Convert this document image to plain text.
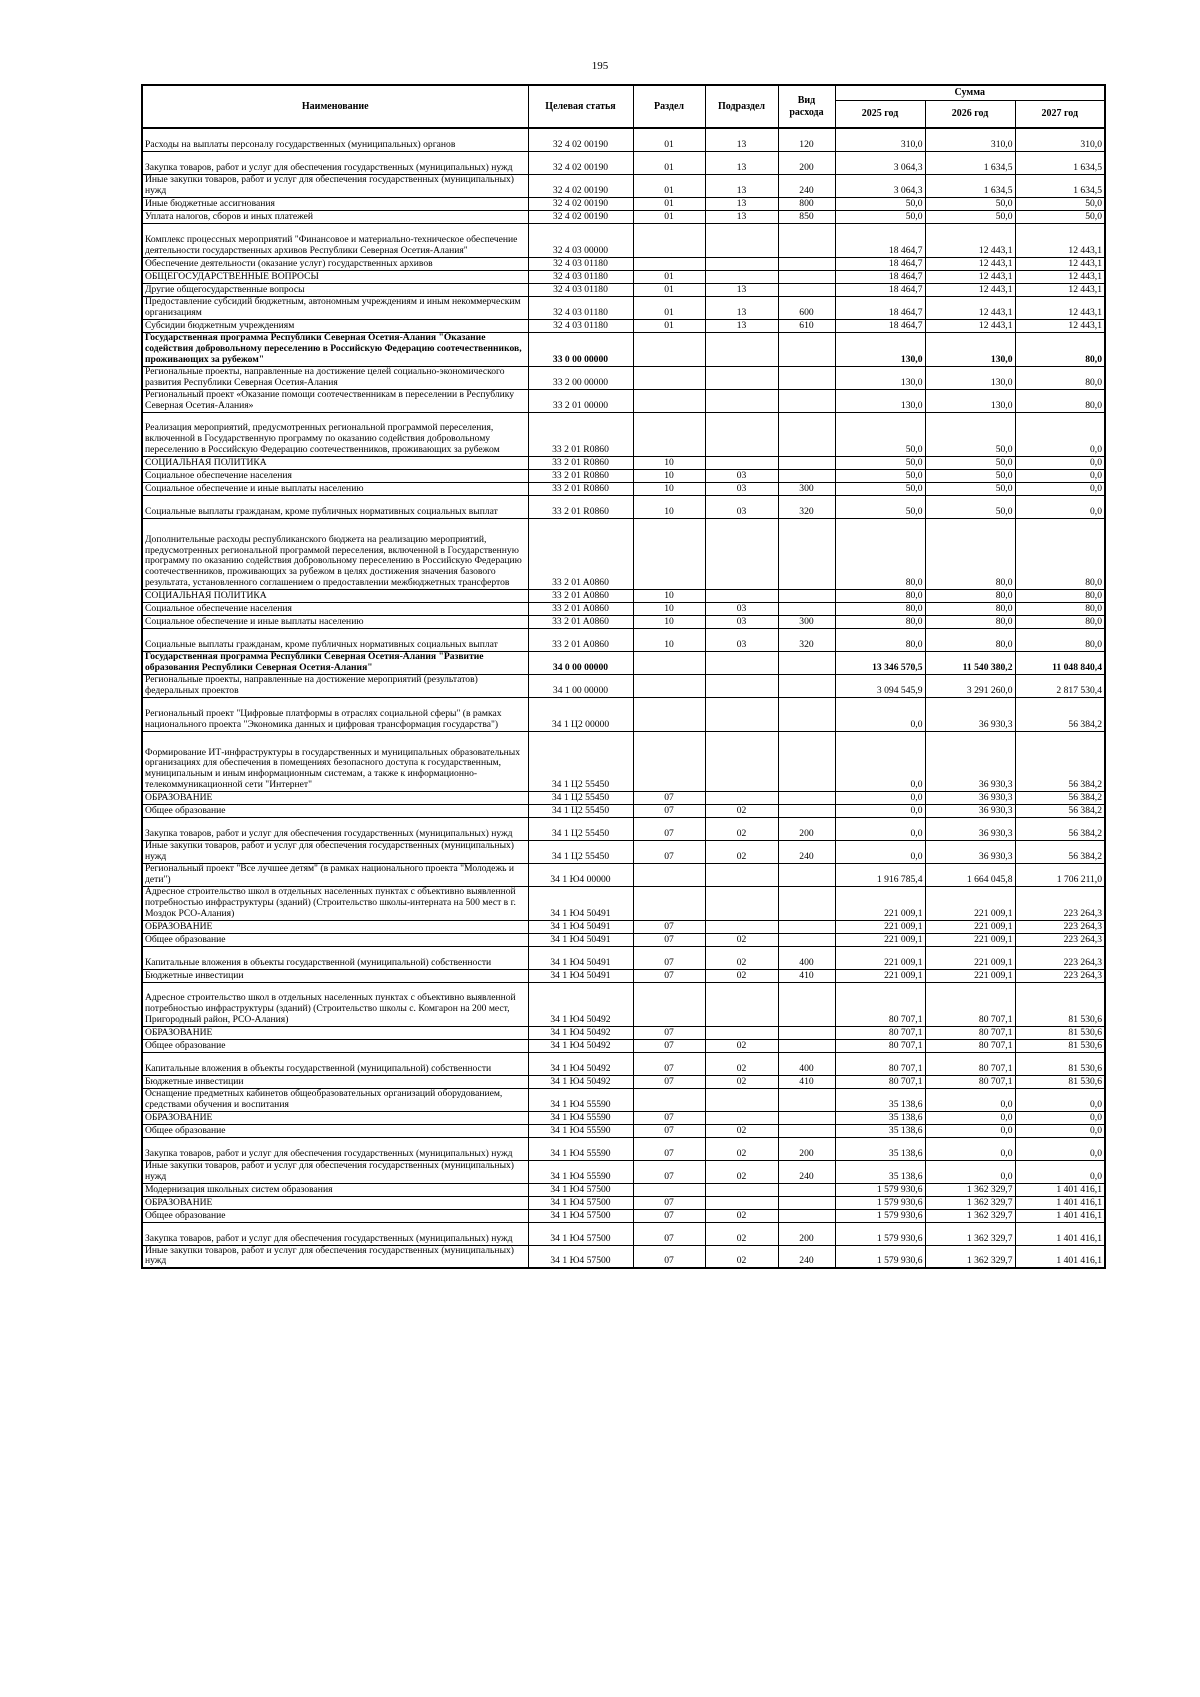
195
Наименование	Целевая статья	Раздел	Подраздел	Вид расхода	Сумма		
					2025 год	2026 год	2027 год
Расходы на выплаты персоналу государственных (муниципальных) органов	32 4 02 00190	01	13	120	310,0	310,0	310,0
Закупка товаров, работ и услуг для обеспечения государственных (муниципальных) нужд	32 4 02 00190	01	13	200	3 064,3	1 634,5	1 634,5
Иные закупки товаров, работ и услуг для обеспечения государственных (муниципальных) нужд	32 4 02 00190	01	13	240	3 064,3	1 634,5	1 634,5
Иные бюджетные ассигнования	32 4 02 00190	01	13	800	50,0	50,0	50,0
Уплата налогов, сборов и иных платежей	32 4 02 00190	01	13	850	50,0	50,0	50,0
Комплекс процессных мероприятий "Финансовое и материально-техническое обеспечение деятельности государственных архивов Республики Северная Осетия-Алания"	32 4 03 00000				18 464,7	12 443,1	12 443,1
Обеспечение деятельности (оказание услуг) государственных архивов	32 4 03 01180				18 464,7	12 443,1	12 443,1
ОБЩЕГОСУДАРСТВЕННЫЕ ВОПРОСЫ	32 4 03 01180	01			18 464,7	12 443,1	12 443,1
Другие общегосударственные вопросы	32 4 03 01180	01	13		18 464,7	12 443,1	12 443,1
Предоставление субсидий бюджетным, автономным учреждениям и иным некоммерческим организациям	32 4 03 01180	01	13	600	18 464,7	12 443,1	12 443,1
Субсидии бюджетным учреждениям	32 4 03 01180	01	13	610	18 464,7	12 443,1	12 443,1
Государственная программа Республики Северная Осетия-Алания "Оказание содействия добровольному переселению в Российскую Федерацию соотечественников, проживающих за рубежом"	33 0 00 00000				130,0	130,0	80,0
Региональные проекты, направленные на достижение целей социально-экономического развития Республики Северная Осетия-Алания	33 2 00 00000				130,0	130,0	80,0
Региональный проект «Оказание помощи соотечественникам в переселении в Республику Северная Осетия-Алания»	33 2 01 00000				130,0	130,0	80,0
Реализация мероприятий, предусмотренных региональной программой переселения, включенной в Государственную программу по оказанию содействия добровольному переселению в Российскую Федерацию соотечественников, проживающих за рубежом	33 2 01 R0860				50,0	50,0	0,0
СОЦИАЛЬНАЯ ПОЛИТИКА	33 2 01 R0860	10			50,0	50,0	0,0
Социальное обеспечение населения	33 2 01 R0860	10	03		50,0	50,0	0,0
Социальное обеспечение и иные выплаты населению	33 2 01 R0860	10	03	300	50,0	50,0	0,0
Социальные выплаты гражданам, кроме публичных нормативных социальных выплат	33 2 01 R0860	10	03	320	50,0	50,0	0,0
Дополнительные расходы республиканского бюджета на реализацию мероприятий, предусмотренных региональной программой переселения, включенной в Государственную программу по оказанию содействия добровольному переселению в Российскую Федерацию соотечественников, проживающих за рубежом в целях достижения значения базового результата, установленного соглашением о предоставлении межбюджетных трансфертов	33 2 01 A0860				80,0	80,0	80,0
СОЦИАЛЬНАЯ ПОЛИТИКА	33 2 01 A0860	10			80,0	80,0	80,0
Социальное обеспечение населения	33 2 01 A0860	10	03		80,0	80,0	80,0
Социальное обеспечение и иные выплаты населению	33 2 01 A0860	10	03	300	80,0	80,0	80,0
Социальные выплаты гражданам, кроме публичных нормативных социальных выплат	33 2 01 A0860	10	03	320	80,0	80,0	80,0
Государственная программа Республики Северная Осетия-Алания "Развитие образования Республики Северная Осетия-Алания"	34 0 00 00000				13 346 570,5	11 540 380,2	11 048 840,4
Региональные проекты, направленные на достижение мероприятий (результатов) федеральных проектов	34 1 00 00000				3 094 545,9	3 291 260,0	2 817 530,4
Региональный проект "Цифровые платформы в отраслях социальной сферы" (в рамках национального проекта "Экономика данных и цифровая трансформация государства")	34 1 Ц2 00000				0,0	36 930,3	56 384,2
Формирование ИТ-инфраструктуры в государственных и муниципальных образовательных организациях для обеспечения в помещениях безопасного доступа к государственным, муниципальным и иным информационным системам, а также к информационно-телекоммуникационной сети "Интернет"	34 1 Ц2 55450				0,0	36 930,3	56 384,2
ОБРАЗОВАНИЕ	34 1 Ц2 55450	07			0,0	36 930,3	56 384,2
Общее образование	34 1 Ц2 55450	07	02		0,0	36 930,3	56 384,2
Закупка товаров, работ и услуг для обеспечения государственных (муниципальных) нужд	34 1 Ц2 55450	07	02	200	0,0	36 930,3	56 384,2
Иные закупки товаров, работ и услуг для обеспечения государственных (муниципальных) нужд	34 1 Ц2 55450	07	02	240	0,0	36 930,3	56 384,2
Региональный проект "Все лучшее детям" (в рамках национального проекта "Молодежь и дети")	34 1 Ю4 00000				1 916 785,4	1 664 045,8	1 706 211,0
Адресное строительство школ в отдельных населенных пунктах с объективно выявленной потребностью инфраструктуры (зданий) (Строительство школы-интерната на 500 мест в г. Моздок РСО-Алания)	34 1 Ю4 50491				221 009,1	221 009,1	223 264,3
ОБРАЗОВАНИЕ	34 1 Ю4 50491	07			221 009,1	221 009,1	223 264,3
Общее образование	34 1 Ю4 50491	07	02		221 009,1	221 009,1	223 264,3
Капитальные вложения в объекты государственной (муниципальной) собственности	34 1 Ю4 50491	07	02	400	221 009,1	221 009,1	223 264,3
Бюджетные инвестиции	34 1 Ю4 50491	07	02	410	221 009,1	221 009,1	223 264,3
Адресное строительство школ в отдельных населенных пунктах с объективно выявленной потребностью инфраструктуры (зданий) (Строительство школы с. Комгарон на 200 мест, Пригородный район, РСО-Алания)	34 1 Ю4 50492				80 707,1	80 707,1	81 530,6
ОБРАЗОВАНИЕ	34 1 Ю4 50492	07			80 707,1	80 707,1	81 530,6
Общее образование	34 1 Ю4 50492	07	02		80 707,1	80 707,1	81 530,6
Капитальные вложения в объекты государственной (муниципальной) собственности	34 1 Ю4 50492	07	02	400	80 707,1	80 707,1	81 530,6
Бюджетные инвестиции	34 1 Ю4 50492	07	02	410	80 707,1	80 707,1	81 530,6
Оснащение предметных кабинетов общеобразовательных организаций оборудованием, средствами обучения и воспитания	34 1 Ю4 55590				35 138,6	0,0	0,0
ОБРАЗОВАНИЕ	34 1 Ю4 55590	07			35 138,6	0,0	0,0
Общее образование	34 1 Ю4 55590	07	02		35 138,6	0,0	0,0
Закупка товаров, работ и услуг для обеспечения государственных (муниципальных) нужд	34 1 Ю4 55590	07	02	200	35 138,6	0,0	0,0
Иные закупки товаров, работ и услуг для обеспечения государственных (муниципальных) нужд	34 1 Ю4 55590	07	02	240	35 138,6	0,0	0,0
Модернизация школьных систем образования	34 1 Ю4 57500				1 579 930,6	1 362 329,7	1 401 416,1
ОБРАЗОВАНИЕ	34 1 Ю4 57500	07			1 579 930,6	1 362 329,7	1 401 416,1
Общее образование	34 1 Ю4 57500	07	02		1 579 930,6	1 362 329,7	1 401 416,1
Закупка товаров, работ и услуг для обеспечения государственных (муниципальных) нужд	34 1 Ю4 57500	07	02	200	1 579 930,6	1 362 329,7	1 401 416,1
Иные закупки товаров, работ и услуг для обеспечения государственных (муниципальных) нужд	34 1 Ю4 57500	07	02	240	1 579 930,6	1 362 329,7	1 401 416,1
